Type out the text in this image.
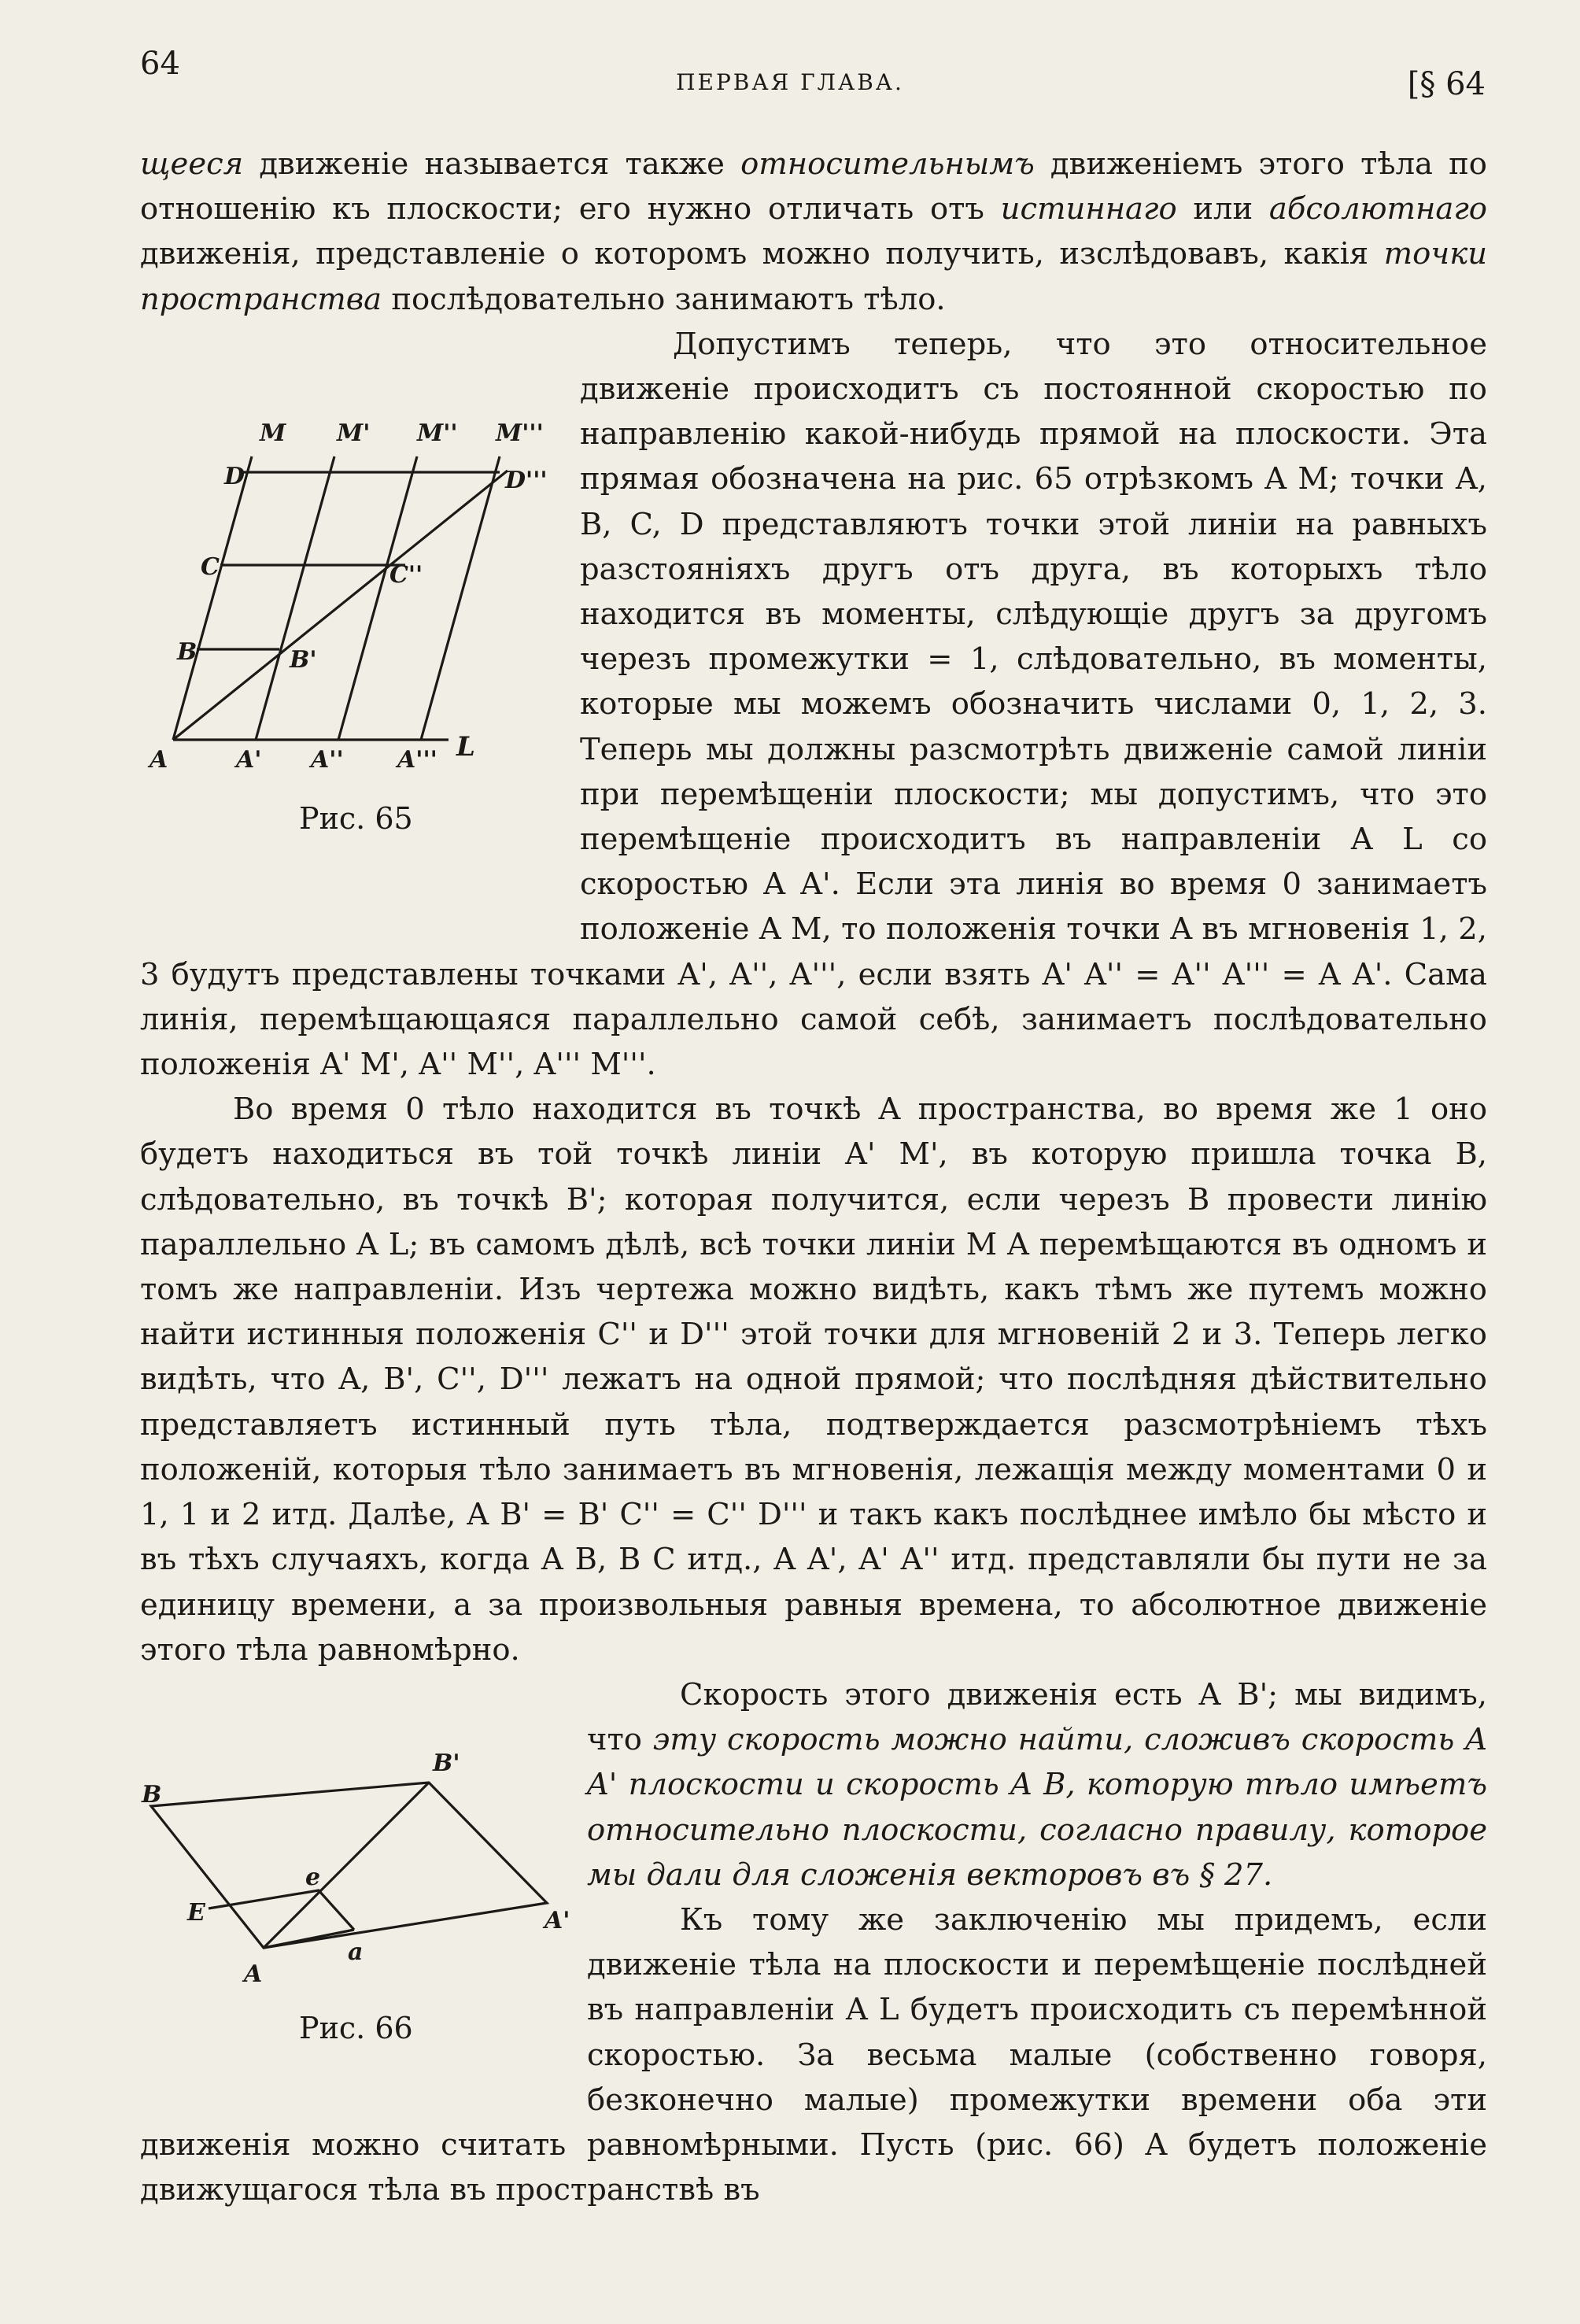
64
ПЕРВАЯ ГЛАВА.	[§ 64

щееся движенiе называется также относительнымъ движенiемъ этого тѣла по отношенiю къ плоскости; его нужно отличать отъ истиннаго или абсолютнаго движенiя, представленiе о которомъ можно получить, изслѣдовавъ, какiя точки пространства послѣдовательно занимаютъ тѣло.

Допустимъ теперь, что это относительное движенiе происходитъ съ постоянной скоростью по направленiю какой-нибудь прямой на плоскости. Эта прямая обозначена на рис. 65 отрѣзкомъ A M; точки A, B, C, D представляютъ точки этой линiи на равныхъ разстоянiяхъ другъ отъ друга, въ которыхъ тѣло находится въ моменты, слѣдующiе другъ за другомъ черезъ промежутки = 1, слѣдовательно, въ моменты, которые мы можемъ обозначить числами 0, 1, 2, 3. Теперь мы должны разсмотрѣть движенiе самой линiи при перемѣщенiи плоскости; мы допустимъ, что это перемѣщенiе происходитъ въ направленiи A L со скоростью A A'. Если эта линiя во время 0 занимаетъ положенiе A M, то положенiя точки A въ мгновенiя 1, 2, 3 будутъ представлены точками A', A'', A''', если взять A' A'' = A'' A''' = A A'. Сама линiя, перемѣщающаяся параллельно самой себѣ, занимаетъ послѣдовательно положенiя A' M', A'' M'', A''' M'''.

Во время 0 тѣло находится въ точкѣ A пространства, во время же 1 оно будетъ находиться въ той точкѣ линiи A' M', въ которую пришла точка B, слѣдовательно, въ точкѣ B'; которая получится, если черезъ B провести линiю параллельно A L; въ самомъ дѣлѣ, всѣ точки линiи M A перемѣщаются въ одномъ и томъ же направленiи. Изъ чертежа можно видѣть, какъ тѣмъ же путемъ можно найти истинныя положенiя C'' и D''' этой точки для мгновенiй 2 и 3. Теперь легко видѣть, что A, B', C'', D''' лежатъ на одной прямой; что послѣдняя дѣйствительно представляетъ истинный путь тѣла, подтверждается разсмотрѣнiемъ тѣхъ положенiй, которыя тѣло занимаетъ въ мгновенiя, лежащiя между моментами 0 и 1, 1 и 2 итд. Далѣе, A B' = B' C'' = C'' D''' и такъ какъ послѣднее имѣло бы мѣсто и въ тѣхъ случаяхъ, когда A B, B C итд., A A', A' A'' итд. представляли бы пути не за единицу времени, а за произвольныя равныя времена, то абсолютное движенiе этого тѣла равномѣрно.

Скорость этого движенiя есть A B'; мы видимъ, что эту скорость можно найти, сложивъ скорость A A' плоскости и скорость A B, которую тѣло имѣетъ относительно плоскости, согласно правилу, которое мы дали для сложенiя векторовъ въ § 27.

Къ тому же заключенiю мы придемъ, если движенiе тѣла на плоскости и перемѣщенiе послѣдней въ направленiи A L будетъ происходить съ перемѣнной скоростью. За весьма малые (собственно говоря, безконечно малые) промежутки времени оба эти движенiя можно считать равномѣрными. Пусть (рис. 66) A будетъ положенiе движущагося тѣла въ пространствѣ въ

M M' M'' M'''
D	D'''
C	C''
B	B'
A	A' A'' A''' L
Рис. 65
B
B'
E
e
A
a
A'
Рис. 66
